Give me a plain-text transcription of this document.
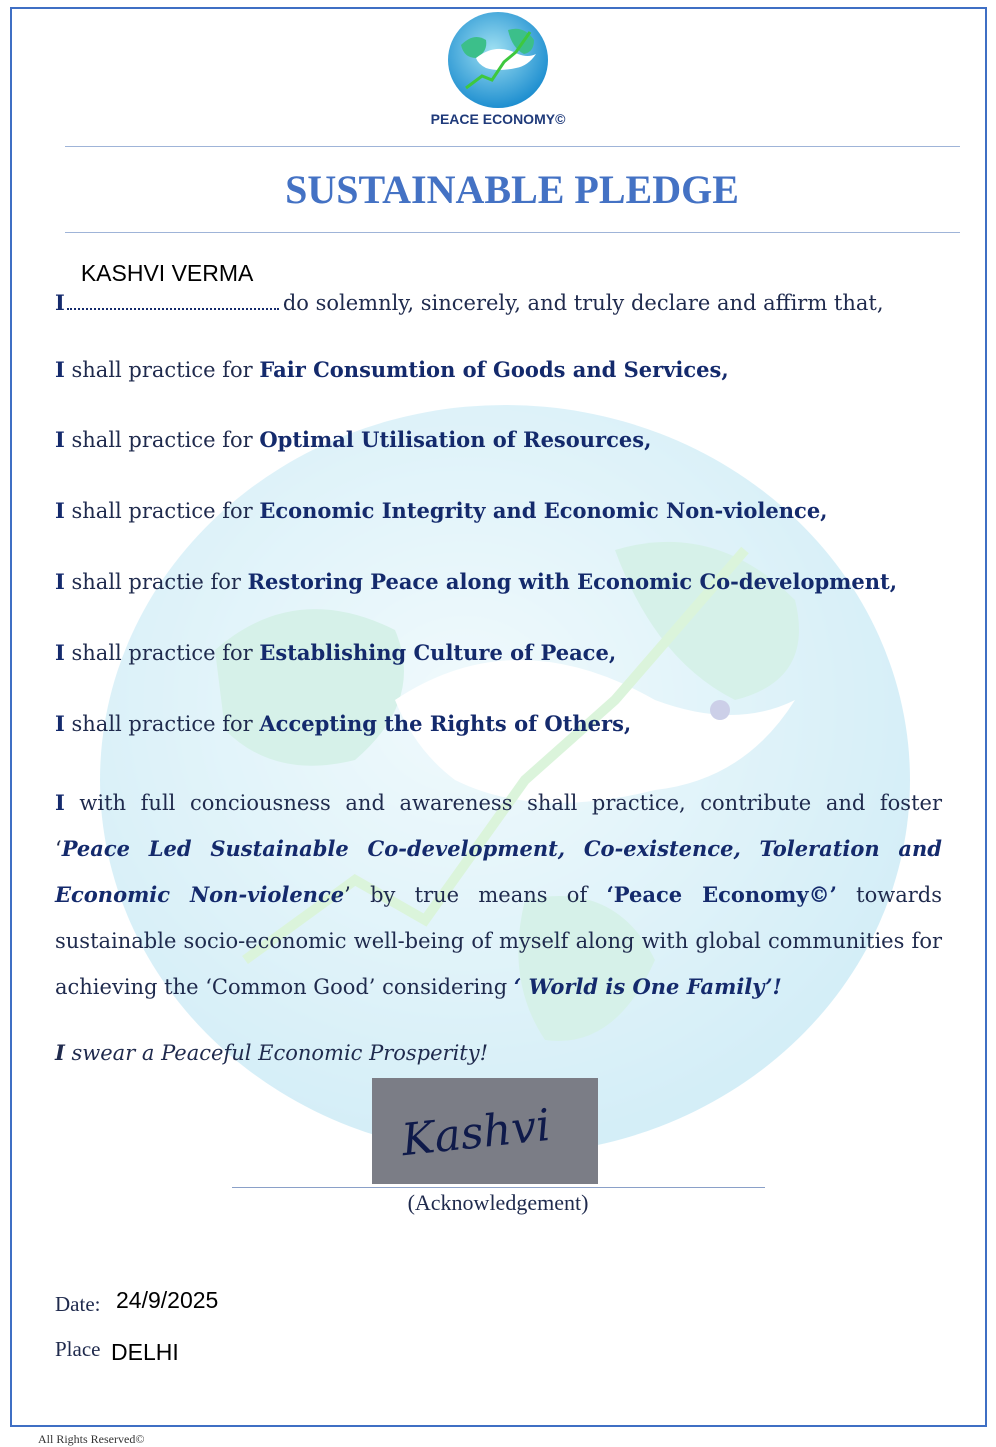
PEACE ECONOMY©
SUSTAINABLE PLEDGE
I
KASHVI VERMA
do solemnly, sincerely, and truly declare and affirm that,
I shall practice for Fair Consumtion of Goods and Services,
I shall practice for Optimal Utilisation of Resources,
I shall practice for Economic Integrity and Economic Non-violence,
I shall practie for Restoring Peace along with Economic Co-development,
I shall practice for Establishing Culture of Peace,
I shall practice for Accepting the Rights of Others,
I with full conciousness and awareness shall practice, contribute and foster ‘Peace Led Sustainable Co-development, Co-existence, Toleration and Economic Non-violence’ by true means of ‘Peace Economy©’ towards sustainable socio-economic well-being of myself along with global communities for achieving the ‘Common Good’ considering ‘ World is One Family’!
I swear a Peaceful Economic Prosperity!
Kashvi
(Acknowledgement)
Date: 24/9/2025
Place DELHI
All Rights Reserved©
